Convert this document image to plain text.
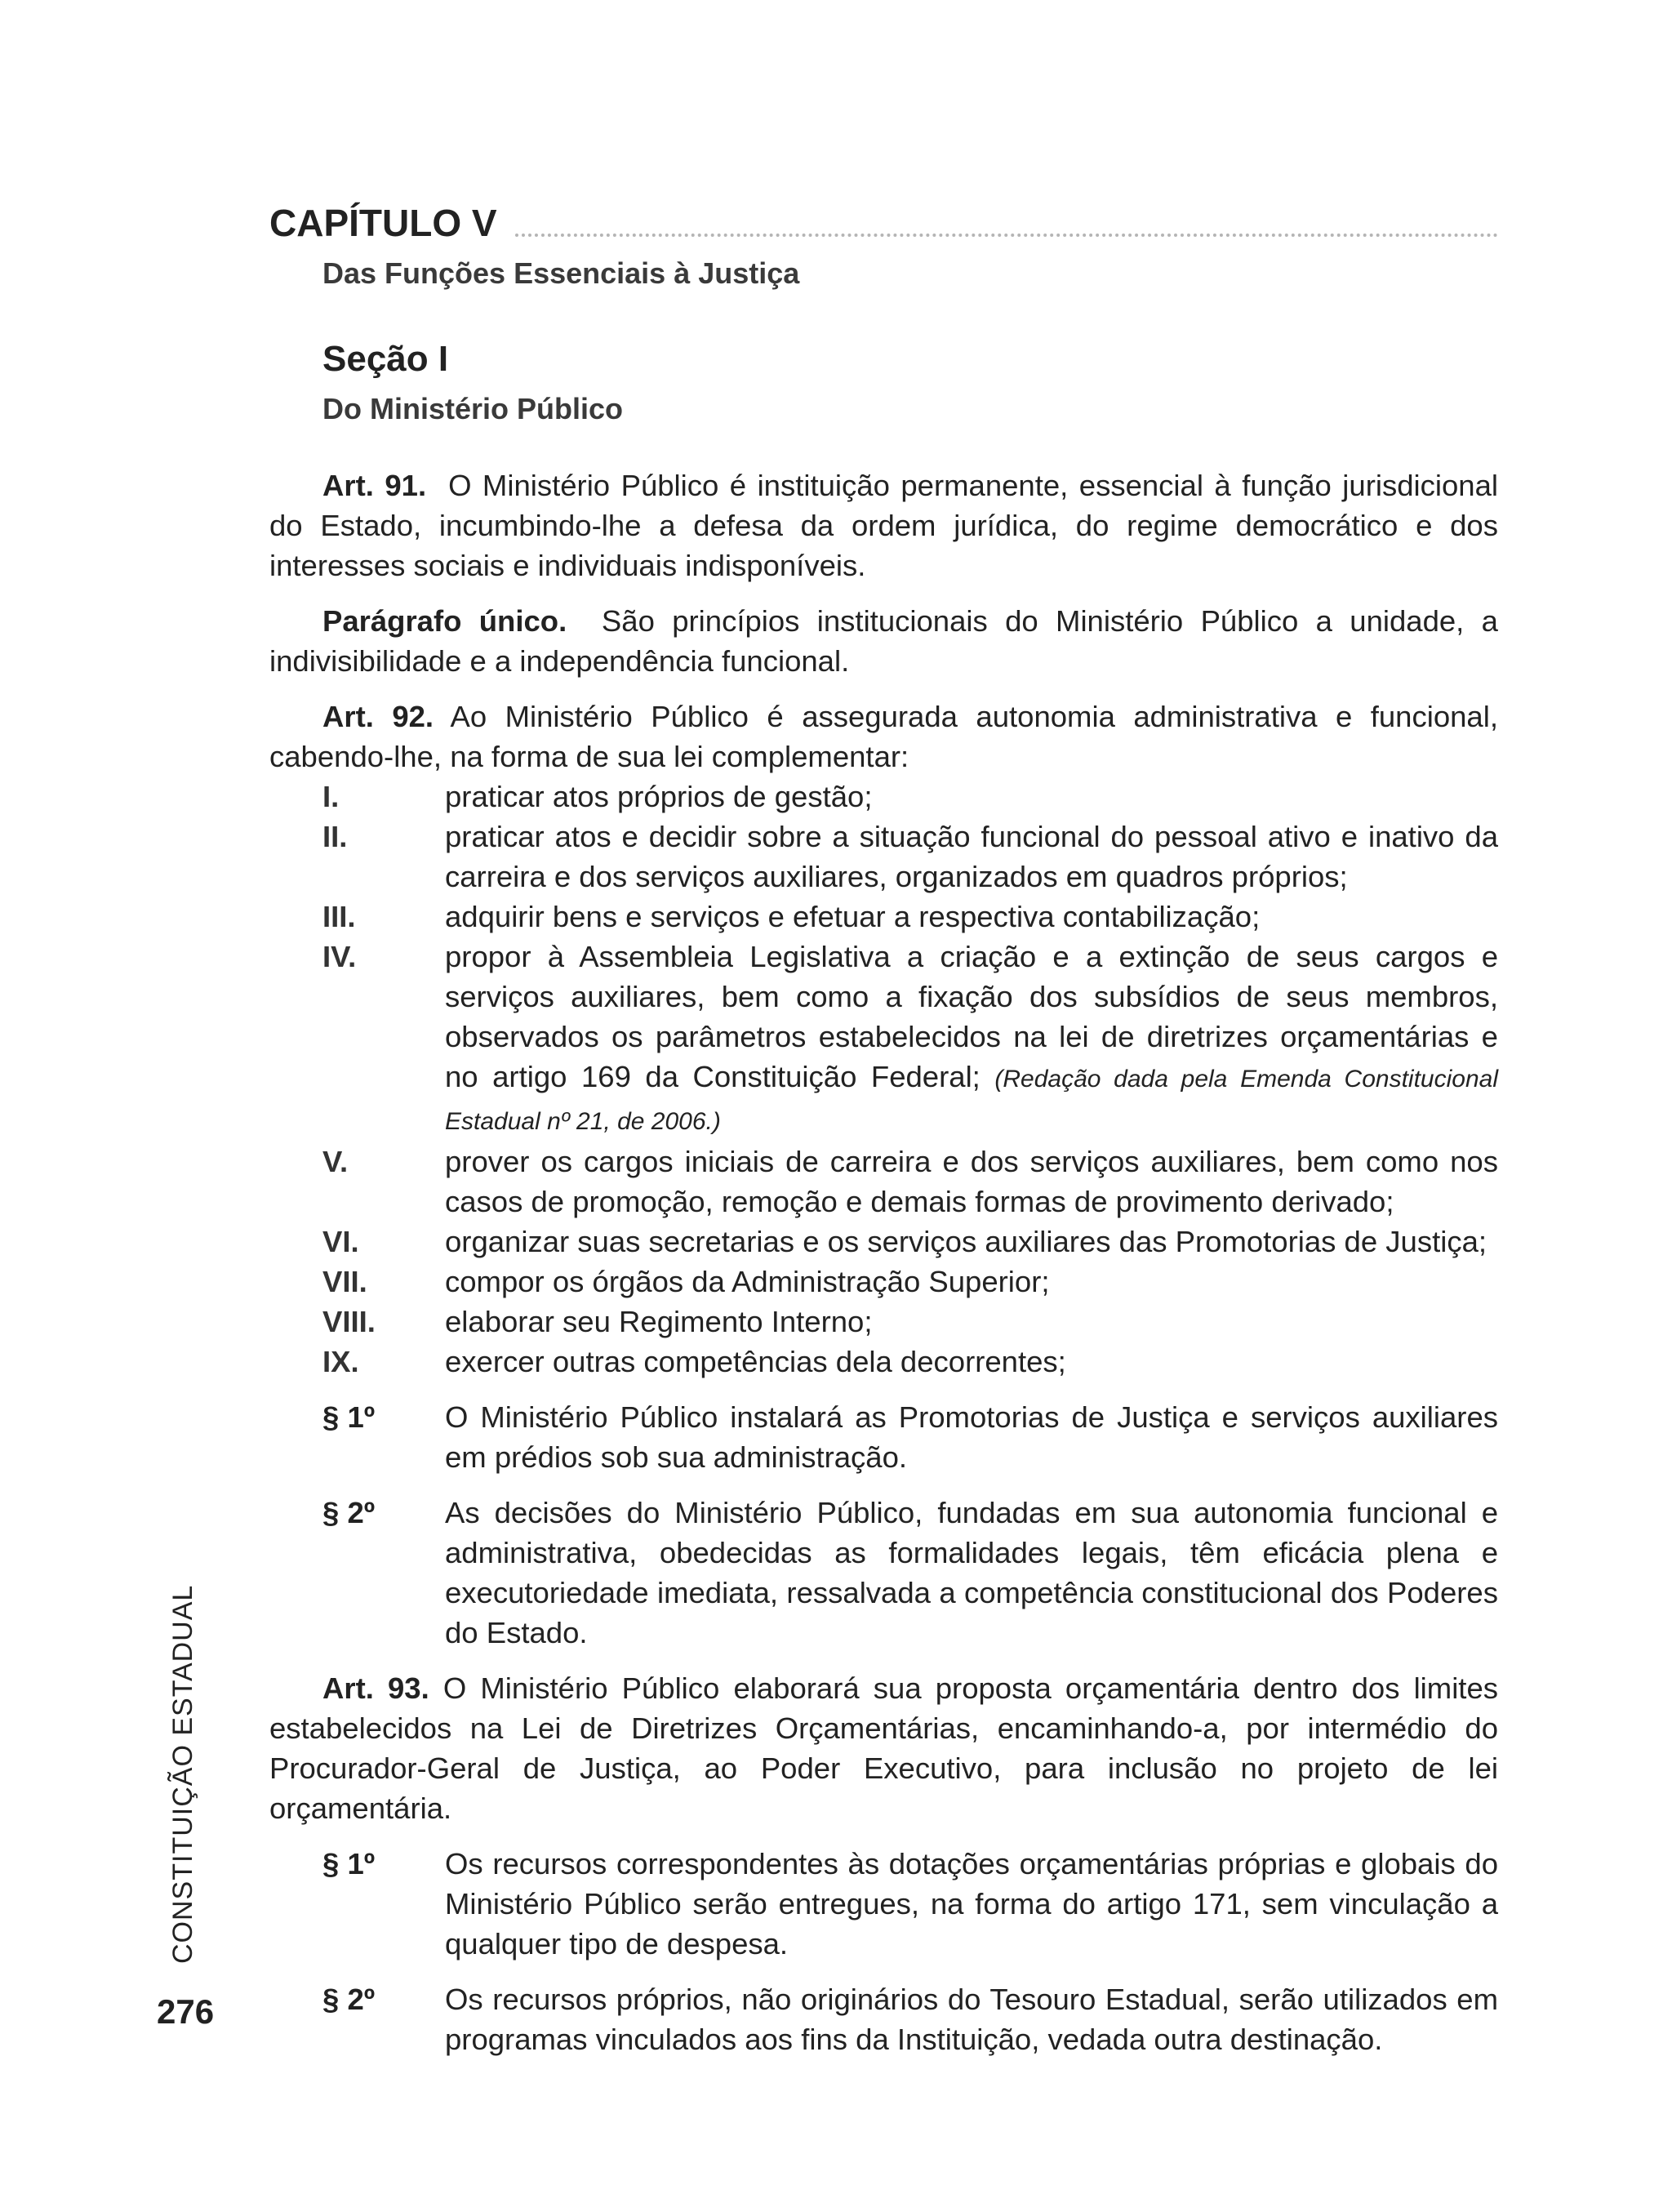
CAPÍTULO V
Das Funções Essenciais à Justiça
Seção I
Do Ministério Público

Art. 91. O Ministério Público é instituição permanente, essencial à função jurisdicional do Estado, incumbindo-lhe a defesa da ordem jurídica, do regime democrático e dos interesses sociais e individuais indisponíveis.

Parágrafo único. São princípios institucionais do Ministério Público a unidade, a indivisibilidade e a independência funcional.

Art. 92. Ao Ministério Público é assegurada autonomia administrativa e funcional, cabendo-lhe, na forma de sua lei complementar:

I.	praticar atos próprios de gestão;
II.	praticar atos e decidir sobre a situação funcional do pessoal ativo e inativo da carreira e dos serviços auxiliares, organizados em quadros próprios;
III.	adquirir bens e serviços e efetuar a respectiva contabilização;
IV.	propor à Assembleia Legislativa a criação e a extinção de seus cargos e serviços auxiliares, bem como a fixação dos subsídios de seus membros, observados os parâmetros estabelecidos na lei de diretrizes orçamentárias e no artigo 169 da Constituição Federal; (Redação dada pela Emenda Constitucional Estadual nº 21, de 2006.)
V.	prover os cargos iniciais de carreira e dos serviços auxiliares, bem como nos casos de promoção, remoção e demais formas de provimento derivado;
VI.	organizar suas secretarias e os serviços auxiliares das Promotorias de Justiça;
VII.	compor os órgãos da Administração Superior;
VIII.	elaborar seu Regimento Interno;
IX.	exercer outras competências dela decorrentes;
§ 1º	O Ministério Público instalará as Promotorias de Justiça e serviços auxiliares em prédios sob sua administração.
§ 2º	As decisões do Ministério Público, fundadas em sua autonomia funcional e administrativa, obedecidas as formalidades legais, têm eficácia plena e executoriedade imediata, ressalvada a competência constitucional dos Poderes do Estado.

Art. 93. O Ministério Público elaborará sua proposta orçamentária dentro dos limites estabelecidos na Lei de Diretrizes Orçamentárias, encaminhando-a, por intermédio do Procurador-Geral de Justiça, ao Poder Executivo, para inclusão no projeto de lei orçamentária.

§ 1º	Os recursos correspondentes às dotações orçamentárias próprias e globais do Ministério Público serão entregues, na forma do artigo 171, sem vinculação a qualquer tipo de despesa.
§ 2º	Os recursos próprios, não originários do Tesouro Estadual, serão utilizados em programas vinculados aos fins da Instituição, vedada outra destinação.
CONSTITUIÇÃO ESTADUAL
276
